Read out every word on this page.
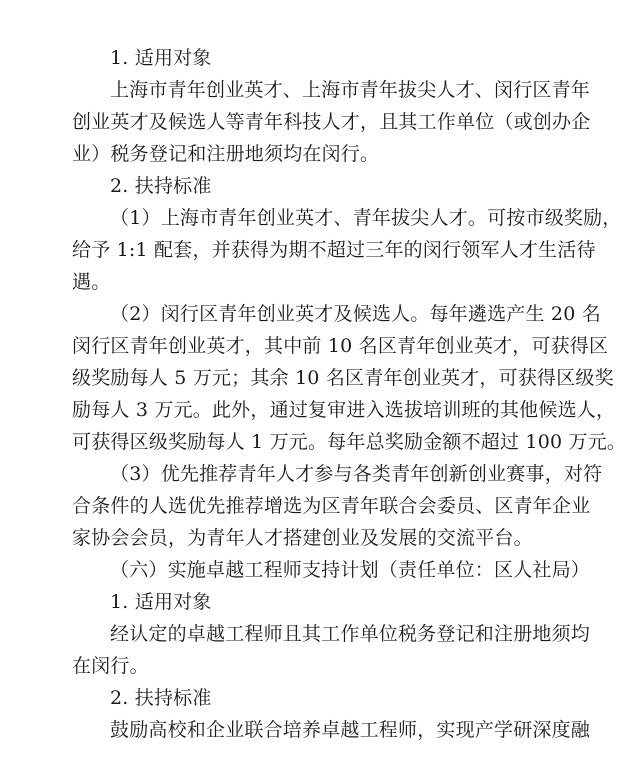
1. 适用对象
上海市青年创业英才、上海市青年拔尖人才、闵行区青年
创业英才及候选人等青年科技人才，且其工作单位（或创办企
业）税务登记和注册地须均在闵行。
2. 扶持标准
（1）上海市青年创业英才、青年拔尖人才。可按市级奖励，
给予 1:1 配套，并获得为期不超过三年的闵行领军人才生活待
遇。
（2）闵行区青年创业英才及候选人。每年遴选产生 20 名
闵行区青年创业英才，其中前 10 名区青年创业英才，可获得区
级奖励每人 5 万元；其余 10 名区青年创业英才，可获得区级奖
励每人 3 万元。此外，通过复审进入选拔培训班的其他候选人，
可获得区级奖励每人 1 万元。每年总奖励金额不超过 100 万元。
（3）优先推荐青年人才参与各类青年创新创业赛事，对符
合条件的人选优先推荐增选为区青年联合会委员、区青年企业
家协会会员，为青年人才搭建创业及发展的交流平台。
（六）实施卓越工程师支持计划（责任单位：区人社局）
1. 适用对象
经认定的卓越工程师且其工作单位税务登记和注册地须均
在闵行。
2. 扶持标准
鼓励高校和企业联合培养卓越工程师，实现产学研深度融
